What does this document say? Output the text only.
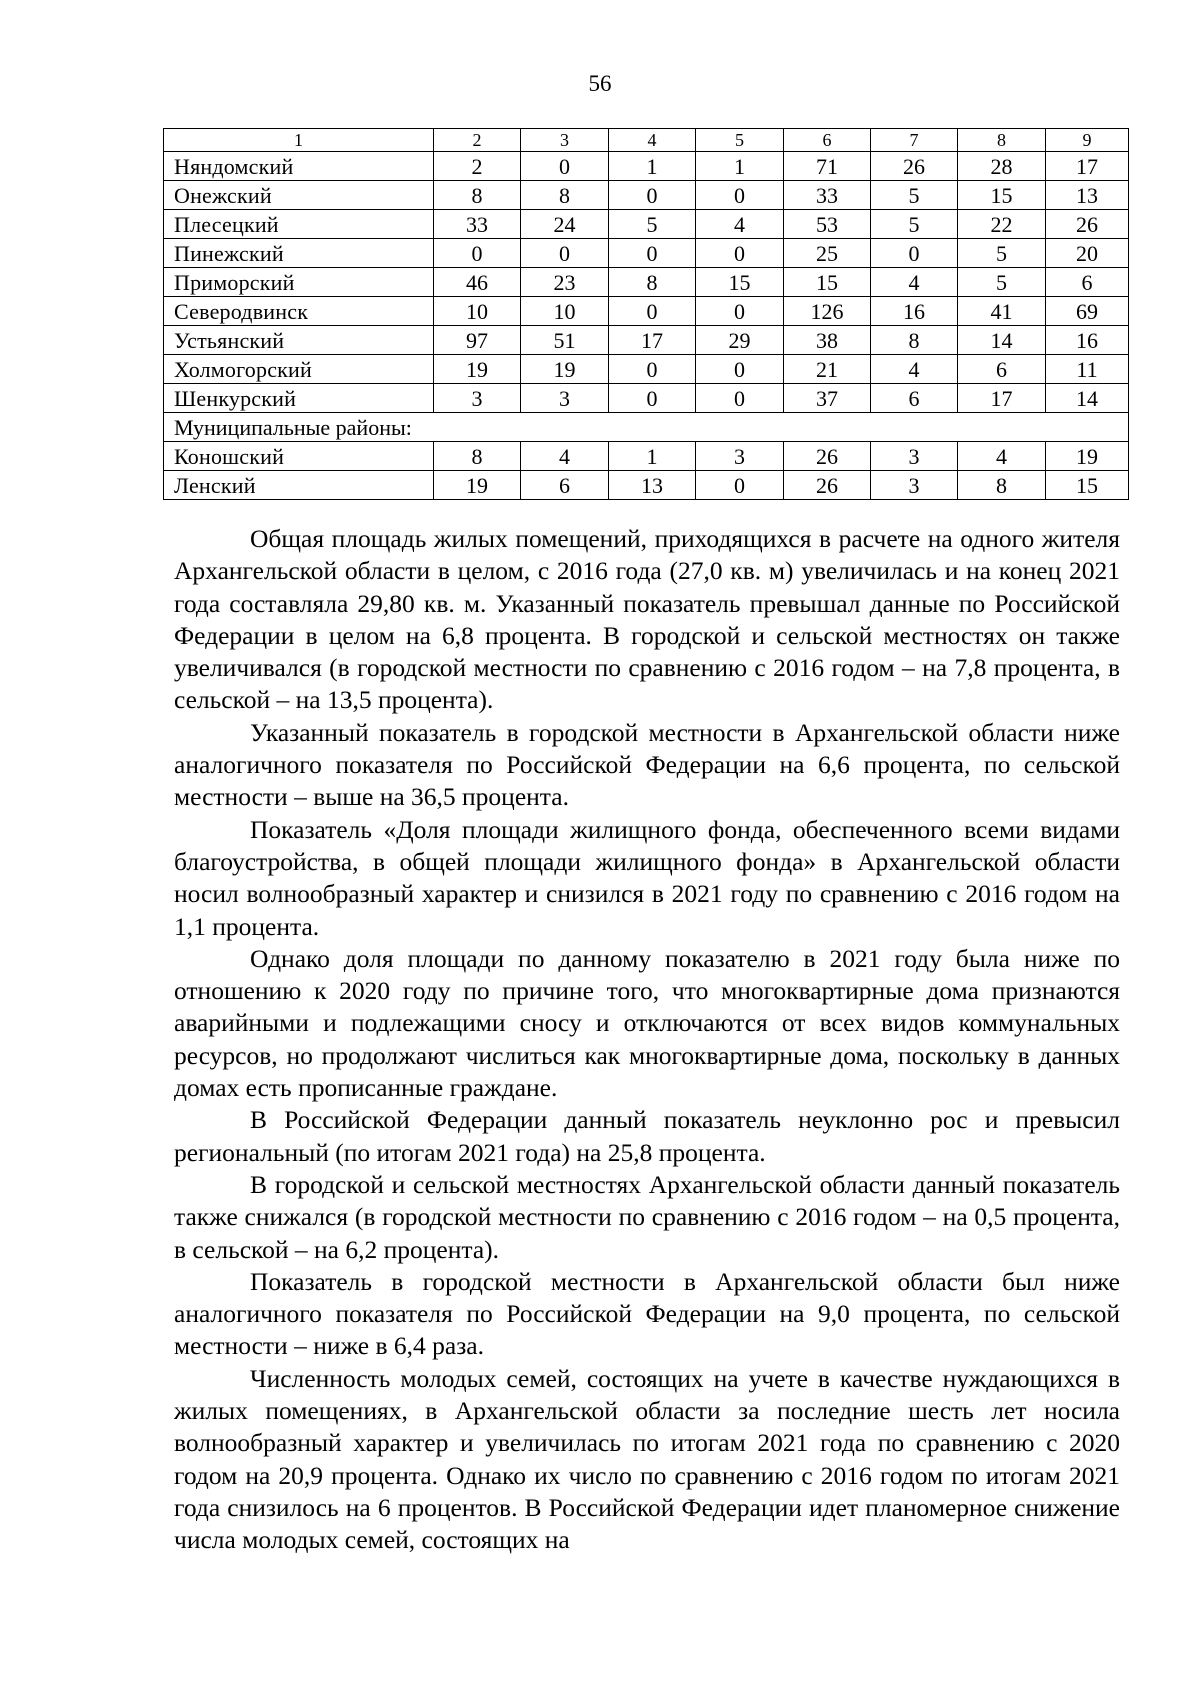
56
1	2	3	4	5	6	7	8	9
Няндомский	2	0	1	1	71	26	28	17
Онежский	8	8	0	0	33	5	15	13
Плесецкий	33	24	5	4	53	5	22	26
Пинежский	0	0	0	0	25	0	5	20
Приморский	46	23	8	15	15	4	5	6
Северодвинск	10	10	0	0	126	16	41	69
Устьянский	97	51	17	29	38	8	14	16
Холмогорский	19	19	0	0	21	4	6	11
Шенкурский	3	3	0	0	37	6	17	14
Муниципальные районы:								
Коношский	8	4	1	3	26	3	4	19
Ленский	19	6	13	0	26	3	8	15

Общая площадь жилых помещений, приходящихся в расчете на одного жителя Архангельской области в целом, с 2016 года (27,0 кв. м) увеличилась и на конец 2021 года составляла 29,80 кв. м. Указанный показатель превышал данные по Российской Федерации в целом на 6,8 процента. В городской и сельской местностях он также увеличивался (в городской местности по сравнению с 2016 годом – на 7,8 процента, в сельской – на 13,5 процента).

Указанный показатель в городской местности в Архангельской области ниже аналогичного показателя по Российской Федерации на 6,6 процента, по сельской местности – выше на 36,5 процента.

Показатель «Доля площади жилищного фонда, обеспеченного всеми видами благоустройства, в общей площади жилищного фонда» в Архангельской области носил волнообразный характер и снизился в 2021 году по сравнению с 2016 годом на 1,1 процента.

Однако доля площади по данному показателю в 2021 году была ниже по отношению к 2020 году по причине того, что многоквартирные дома признаются аварийными и подлежащими сносу и отключаются от всех видов коммунальных ресурсов, но продолжают числиться как многоквартирные дома, поскольку в данных домах есть прописанные граждане.

В Российской Федерации данный показатель неуклонно рос и превысил региональный (по итогам 2021 года) на 25,8 процента.

В городской и сельской местностях Архангельской области данный показатель также снижался (в городской местности по сравнению с 2016 годом – на 0,5 процента, в сельской – на 6,2 процента).

Показатель в городской местности в Архангельской области был ниже аналогичного показателя по Российской Федерации на 9,0 процента, по сельской местности – ниже в 6,4 раза.

Численность молодых семей, состоящих на учете в качестве нуждающихся в жилых помещениях, в Архангельской области за последние шесть лет носила волнообразный характер и увеличилась по итогам 2021 года по сравнению с 2020 годом на 20,9 процента. Однако их число по сравнению с 2016 годом по итогам 2021 года снизилось на 6 процентов. В Российской Федерации идет планомерное снижение числа молодых семей, состоящих на
